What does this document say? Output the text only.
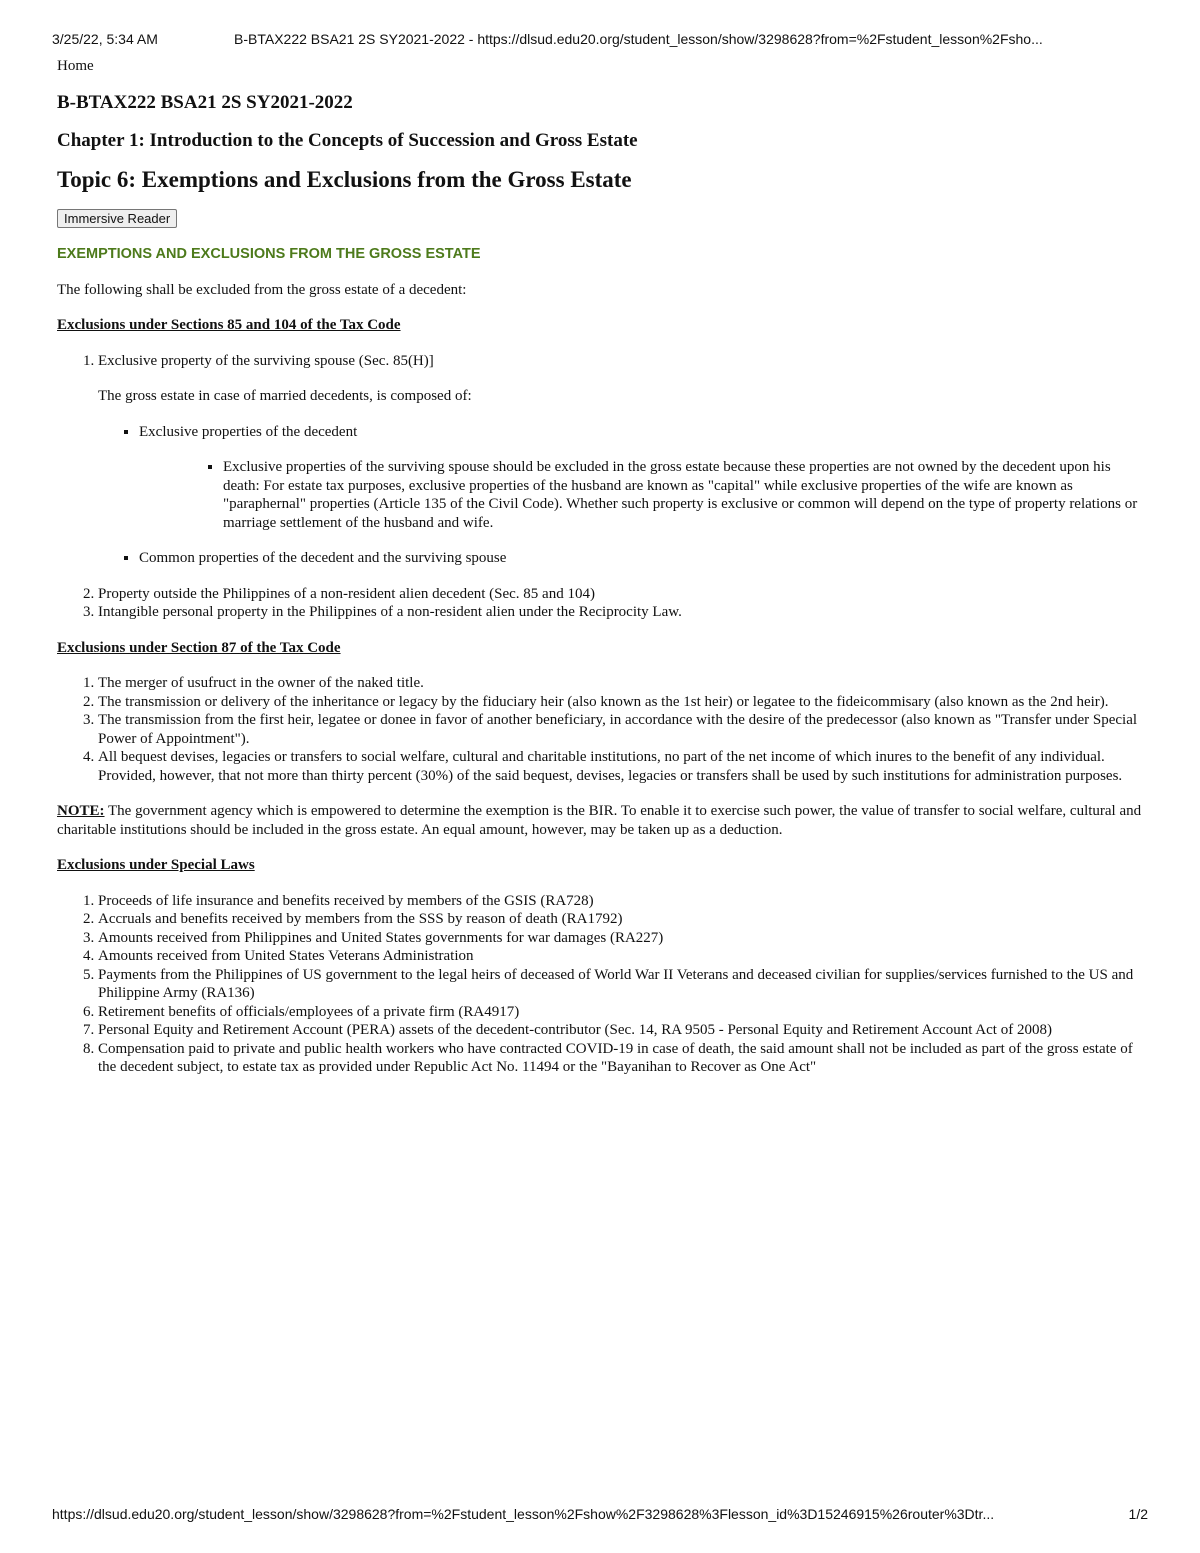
3/25/22, 5:34 AM	B-BTAX222 BSA21 2S SY2021-2022 - https://dlsud.edu20.org/student_lesson/show/3298628?from=%2Fstudent_lesson%2Fsho...
Home
B-BTAX222 BSA21 2S SY2021-2022
Chapter 1: Introduction to the Concepts of Succession and Gross Estate
Topic 6: Exemptions and Exclusions from the Gross Estate
Immersive Reader
EXEMPTIONS AND EXCLUSIONS FROM THE GROSS ESTATE

The following shall be excluded from the gross estate of a decedent:

Exclusions under Sections 85 and 104 of the Tax Code
1. Exclusive property of the surviving spouse (Sec. 85(H)]
The gross estate in case of married decedents, is composed of:
▪ Exclusive properties of the decedent
▪ Exclusive properties of the surviving spouse should be excluded in the gross estate because these properties are not owned by the decedent upon his death: For estate tax purposes, exclusive properties of the husband are known as "capital" while exclusive properties of the wife are known as "paraphernal" properties (Article 135 of the Civil Code). Whether such property is exclusive or common will depend on the type of property relations or marriage settlement of the husband and wife.
▪ Common properties of the decedent and the surviving spouse
2. Property outside the Philippines of a non-resident alien decedent (Sec. 85 and 104)
3. Intangible personal property in the Philippines of a non-resident alien under the Reciprocity Law.
Exclusions under Section 87 of the Tax Code
1. The merger of usufruct in the owner of the naked title.
2. The transmission or delivery of the inheritance or legacy by the fiduciary heir (also known as the 1st heir) or legatee to the fideicommisary (also known as the 2nd heir).
3. The transmission from the first heir, legatee or donee in favor of another beneficiary, in accordance with the desire of the predecessor (also known as "Transfer under Special Power of Appointment").
4. All bequest devises, legacies or transfers to social welfare, cultural and charitable institutions, no part of the net income of which inures to the benefit of any individual. Provided, however, that not more than thirty percent (30%) of the said bequest, devises, legacies or transfers shall be used by such institutions for administration purposes.

NOTE: The government agency which is empowered to determine the exemption is the BIR. To enable it to exercise such power, the value of transfer to social welfare, cultural and charitable institutions should be included in the gross estate. An equal amount, however, may be taken up as a deduction.

Exclusions under Special Laws
1. Proceeds of life insurance and benefits received by members of the GSIS (RA728)
2. Accruals and benefits received by members from the SSS by reason of death (RA1792)
3. Amounts received from Philippines and United States governments for war damages (RA227)
4. Amounts received from United States Veterans Administration
5. Payments from the Philippines of US government to the legal heirs of deceased of World War II Veterans and deceased civilian for supplies/services furnished to the US and Philippine Army (RA136)
6. Retirement benefits of officials/employees of a private firm (RA4917)
7. Personal Equity and Retirement Account (PERA) assets of the decedent-contributor (Sec. 14, RA 9505 - Personal Equity and Retirement Account Act of 2008)
8. Compensation paid to private and public health workers who have contracted COVID-19 in case of death, the said amount shall not be included as part of the gross estate of the decedent subject, to estate tax as provided under Republic Act No. 11494 or the "Bayanihan to Recover as One Act"
https://dlsud.edu20.org/student_lesson/show/3298628?from=%2Fstudent_lesson%2Fshow%2F3298628%3Flesson_id%3D15246915%26router%3Dtr...	1/2
